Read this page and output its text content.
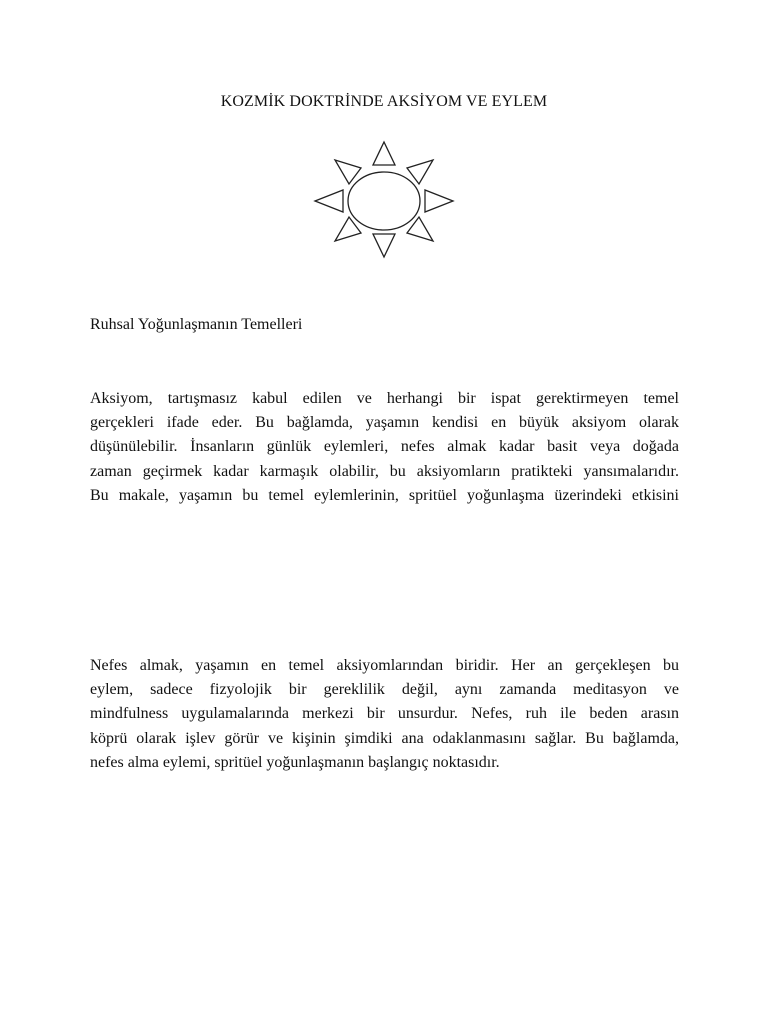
KOZMİK DOKTRİNDE AKSİYOM VE EYLEM
Ruhsal Yoğunlaşmanın Temelleri
Aksiyom, tartışmasız kabul edilen ve herhangi bir ispat gerektirmeyen temel
gerçekleri ifade eder. Bu bağlamda, yaşamın kendisi en büyük aksiyom olarak
düşünülebilir. İnsanların günlük eylemleri, nefes almak kadar basit veya doğada
zaman geçirmek kadar karmaşık olabilir, bu aksiyomların pratikteki yansımalarıdır.
Bu makale, yaşamın bu temel eylemlerinin, spritüel yoğunlaşma üzerindeki etkisini
Nefes almak, yaşamın en temel aksiyomlarından biridir. Her an gerçekleşen bu
eylem, sadece fizyolojik bir gereklilik değil, aynı zamanda meditasyon ve
mindfulness uygulamalarında merkezi bir unsurdur. Nefes, ruh ile beden arasın
köprü olarak işlev görür ve kişinin şimdiki ana odaklanmasını sağlar. Bu bağlamda,
nefes alma eylemi, spritüel yoğunlaşmanın başlangıç noktasıdır.
